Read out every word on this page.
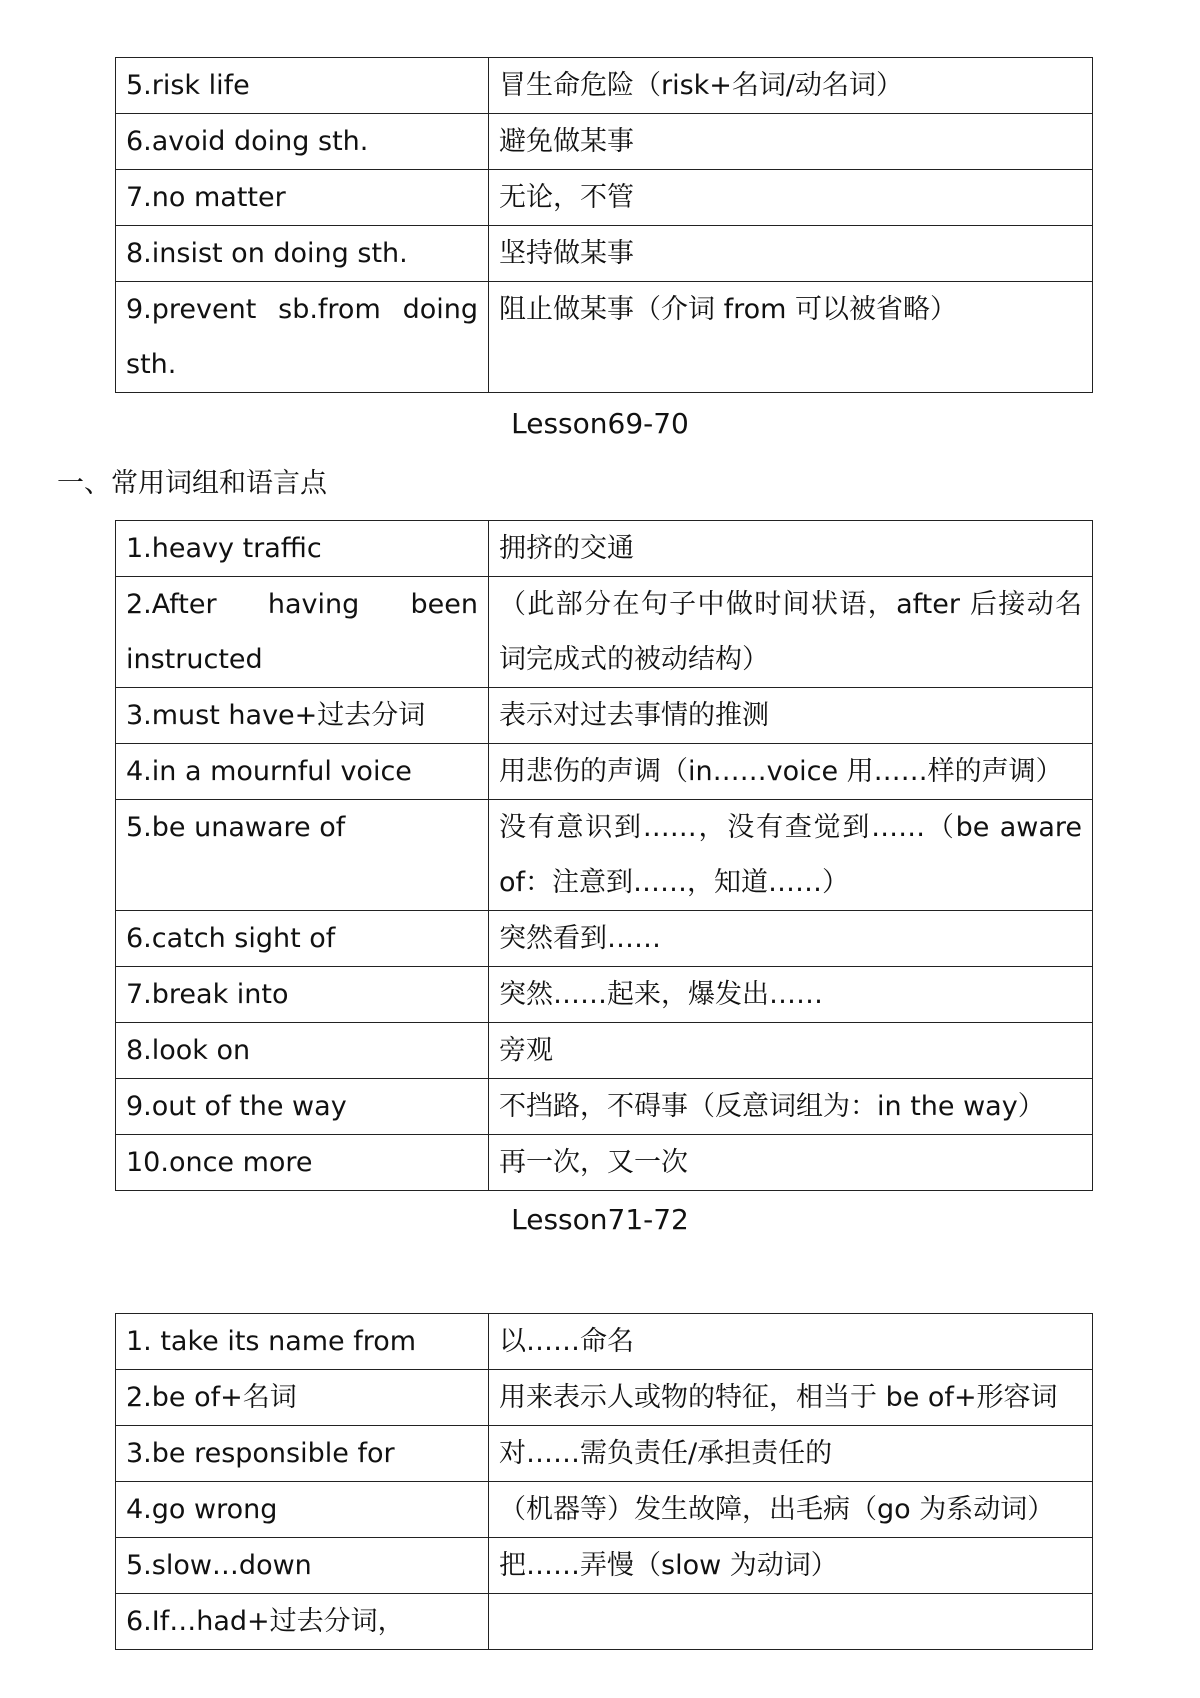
5.risk life	冒生命危险（risk+名词/动名词）
6.avoid doing sth.	避免做某事
7.no matter	无论，不管
8.insist on doing sth.	坚持做某事
9.prevent sb.from doing sth.	阻止做某事（介词 from 可以被省略）
Lesson69-70
一、常用词组和语言点
1.heavy traffic	拥挤的交通
2.After having been instructed	（此部分在句子中做时间状语，after 后接动名词完成式的被动结构）
3.must have+过去分词	表示对过去事情的推测
4.in a mournful voice	用悲伤的声调（in……voice 用……样的声调）
5.be unaware of	没有意识到……，没有查觉到……（be aware of：注意到……，知道……）
6.catch sight of	突然看到……
7.break into	突然……起来，爆发出……
8.look on	旁观
9.out of the way	不挡路，不碍事（反意词组为：in the way）
10.once more	再一次，又一次
Lesson71-72
1. take its name from	以……命名
2.be of+名词	用来表示人或物的特征，相当于 be of+形容词
3.be responsible for	对……需负责任/承担责任的
4.go wrong	（机器等）发生故障，出毛病（go 为系动词）
5.slow…down	把……弄慢（slow 为动词）
6.If…had+过去分词，	
